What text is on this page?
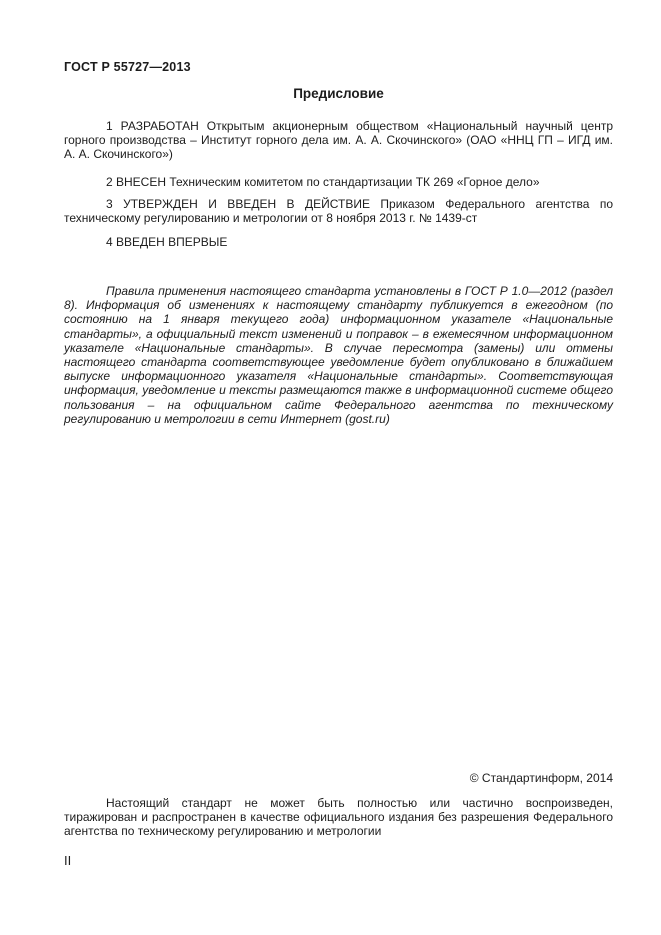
ГОСТ Р 55727—2013
Предисловие

1 РАЗРАБОТАН Открытым акционерным обществом «Национальный научный центр горного производства – Институт горного дела им. А. А. Скочинского» (ОАО «ННЦ ГП – ИГД им. А. А. Скочинского»)

2 ВНЕСЕН Техническим комитетом по стандартизации ТК 269 «Горное дело»

3 УТВЕРЖДЕН И ВВЕДЕН В ДЕЙСТВИЕ Приказом Федерального агентства по техническому регулированию и метрологии от 8 ноября 2013 г. № 1439-ст

4 ВВЕДЕН ВПЕРВЫЕ

Правила применения настоящего стандарта установлены в ГОСТ Р 1.0—2012 (раздел 8). Информация об изменениях к настоящему стандарту публикуется в ежегодном (по состоянию на 1 января текущего года) информационном указателе «Национальные стандарты», а официальный текст изменений и поправок – в ежемесячном информационном указателе «Национальные стандарты». В случае пересмотра (замены) или отмены настоящего стандарта соответствующее уведомление будет опубликовано в ближайшем выпуске информационного указателя «Национальные стандарты». Соответствующая информация, уведомление и тексты размещаются также в информационной системе общего пользования – на официальном сайте Федерального агентства по техническому регулированию и метрологии в сети Интернет (gost.ru)

© Стандартинформ, 2014

Настоящий стандарт не может быть полностью или частично воспроизведен, тиражирован и распространен в качестве официального издания без разрешения Федерального агентства по техническому регулированию и метрологии

II
